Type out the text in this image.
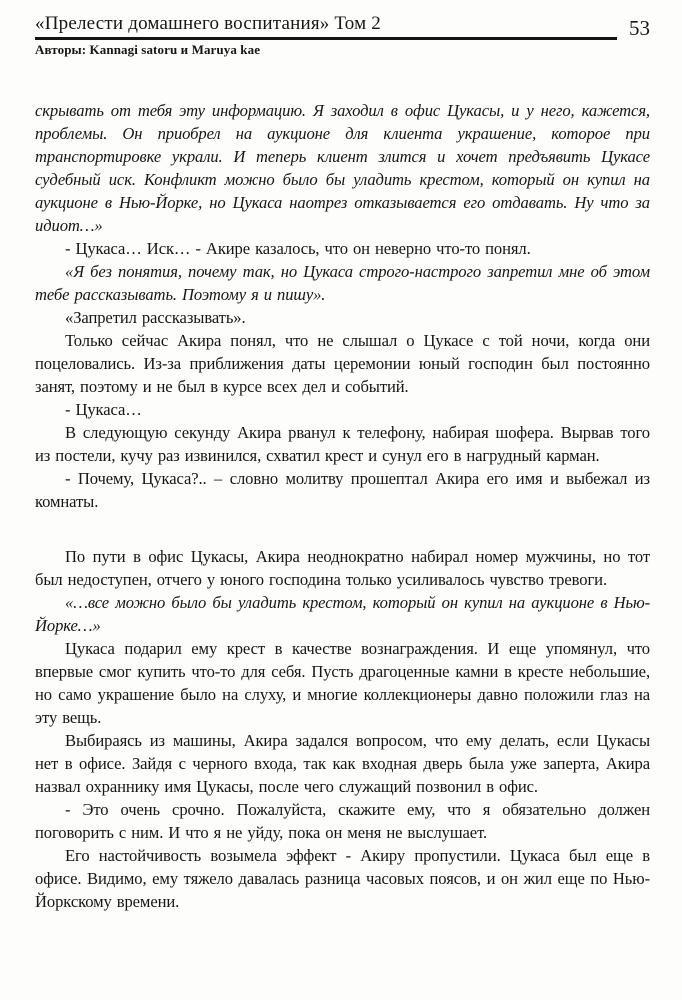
«Прелести домашнего воспитания» Том 2	53
Авторы: Kannagi satoru и Maruya kae

скрывать от тебя эту информацию. Я заходил в офис Цукасы, и у него, кажется, проблемы. Он приобрел на аукционе для клиента украшение, которое при транспортировке украли. И теперь клиент злится и хочет предъявить Цукасе судебный иск. Конфликт можно было бы уладить крестом, который он купил на аукционе в Нью-Йорке, но Цукаса наотрез отказывается его отдавать. Ну что за идиот…»

- Цукаса… Иск… - Акире казалось, что он неверно что-то понял.

«Я без понятия, почему так, но Цукаса строго-настрого запретил мне об этом тебе рассказывать. Поэтому я и пишу».

«Запретил рассказывать».

Только сейчас Акира понял, что не слышал о Цукасе с той ночи, когда они поцеловались. Из-за приближения даты церемонии юный господин был постоянно занят, поэтому и не был в курсе всех дел и событий.

- Цукаса…

В следующую секунду Акира рванул к телефону, набирая шофера. Вырвав того из постели, кучу раз извинился, схватил крест и сунул его в нагрудный карман.

- Почему, Цукаса?.. – словно молитву прошептал Акира его имя и выбежал из комнаты.

По пути в офис Цукасы, Акира неоднократно набирал номер мужчины, но тот был недоступен, отчего у юного господина только усиливалось чувство тревоги.

«…все можно было бы уладить крестом, который он купил на аукционе в Нью-Йорке…»

Цукаса подарил ему крест в качестве вознаграждения. И еще упомянул, что впервые смог купить что-то для себя. Пусть драгоценные камни в кресте небольшие, но само украшение было на слуху, и многие коллекционеры давно положили глаз на эту вещь.

Выбираясь из машины, Акира задался вопросом, что ему делать, если Цукасы нет в офисе. Зайдя с черного входа, так как входная дверь была уже заперта, Акира назвал охраннику имя Цукасы, после чего служащий позвонил в офис.

- Это очень срочно. Пожалуйста, скажите ему, что я обязательно должен поговорить с ним. И что я не уйду, пока он меня не выслушает.

Его настойчивость возымела эффект - Акиру пропустили. Цукаса был еще в офисе. Видимо, ему тяжело давалась разница часовых поясов, и он жил еще по Нью-Йоркскому времени.
